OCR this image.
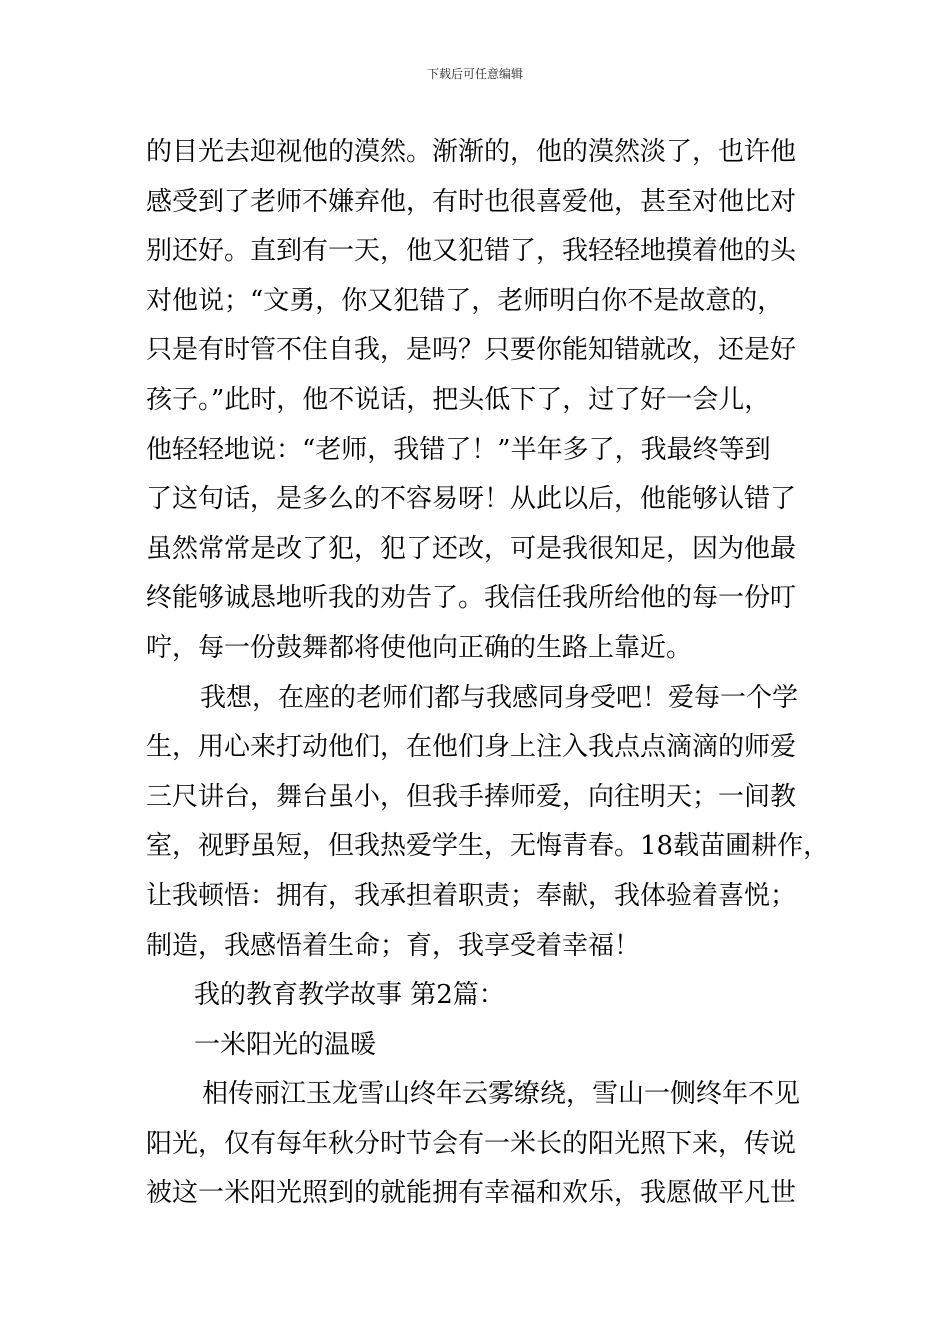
下载后可任意编辑
的目光去迎视他的漠然。渐渐的，他的漠然淡了，也许他
感受到了老师不嫌弃他，有时也很喜爱他，甚至对他比对
别还好。直到有一天，他又犯错了，我轻轻地摸着他的头
对他说；“文勇，你又犯错了，老师明白你不是故意的，
只是有时管不住自我，是吗？只要你能知错就改，还是好
孩子。”此时，他不说话，把头低下了，过了好一会儿，
他轻轻地说：“老师，我错了！”半年多了，我最终等到
了这句话，是多么的不容易呀！从此以后，他能够认错了
虽然常常是改了犯，犯了还改，可是我很知足，因为他最
终能够诚恳地听我的劝告了。我信任我所给他的每一份叮
咛，每一份鼓舞都将使他向正确的生路上靠近。
我想，在座的老师们都与我感同身受吧！爱每一个学
生，用心来打动他们，在他们身上注入我点点滴滴的师爱
三尺讲台，舞台虽小，但我手捧师爱，向往明天；一间教
室，视野虽短，但我热爱学生，无悔青春。18载苗圃耕作，
让我顿悟：拥有，我承担着职责；奉献，我体验着喜悦；
制造，我感悟着生命；育，我享受着幸福！
我的教育教学故事 第2篇：
一米阳光的温暖
相传丽江玉龙雪山终年云雾缭绕，雪山一侧终年不见
阳光，仅有每年秋分时节会有一米长的阳光照下来，传说
被这一米阳光照到的就能拥有幸福和欢乐，我愿做平凡世
